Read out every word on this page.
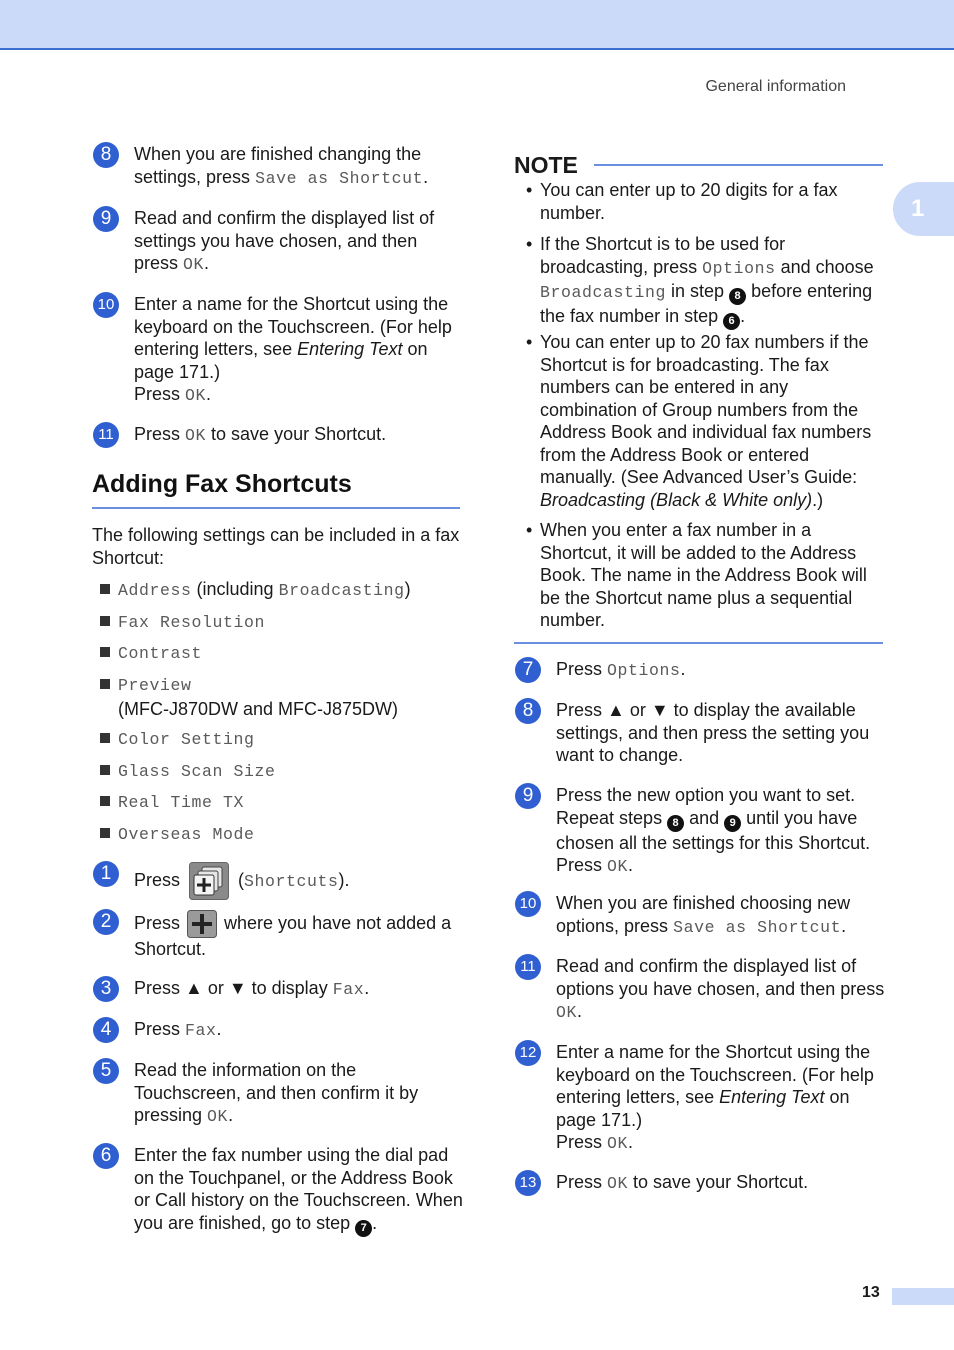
General information
1
8	When you are finished changing the settings, press Save as Shortcut.
9	Read and confirm the displayed list of settings you have chosen, and then press OK.
10 Enter a name for the Shortcut using the keyboard on the Touchscreen. (For help entering letters, see Entering Text on page 171.)
Press OK.
11 Press OK to save your Shortcut.
Adding Fax Shortcuts
The following settings can be included in a fax Shortcut:
Address (including Broadcasting)
Fax Resolution
Contrast
Preview
(MFC-J870DW and MFC-J875DW)
Color Setting
Glass Scan Size
Real Time TX
Overseas Mode
1	Press	(Shortcuts).
2	Press  where you have not added a Shortcut.
3	Press ▲ or ▼ to display Fax.
4	Press Fax.
5	Read the information on the Touchscreen, and then confirm it by pressing OK.
6	Enter the fax number using the dial pad on the Touchpanel, or the Address Book or Call history on the Touchscreen. When you are finished, go to step 7 .
NOTE
• You can enter up to 20 digits for a fax number.
• If the Shortcut is to be used for broadcasting, press Options and choose Broadcasting in step 8 before entering the fax number in step 6 .
• You can enter up to 20 fax numbers if the Shortcut is for broadcasting. The fax numbers can be entered in any combination of Group numbers from the Address Book and individual fax numbers from the Address Book or entered manually. (See Advanced User’s Guide: Broadcasting (Black & White only).)
• When you enter a fax number in a Shortcut, it will be added to the Address Book. The name in the Address Book will be the Shortcut name plus a sequential number.
7	Press Options.
8	Press ▲ or ▼ to display the available settings, and then press the setting you want to change.
9	Press the new option you want to set. Repeat steps 8 and 9 until you have chosen all the settings for this Shortcut.
Press OK.
10 When you are finished choosing new options, press Save as Shortcut.
11 Read and confirm the displayed list of options you have chosen, and then press OK.
12 Enter a name for the Shortcut using the keyboard on the Touchscreen. (For help entering letters, see Entering Text on page 171.)
Press OK.
13 Press OK to save your Shortcut.
13
